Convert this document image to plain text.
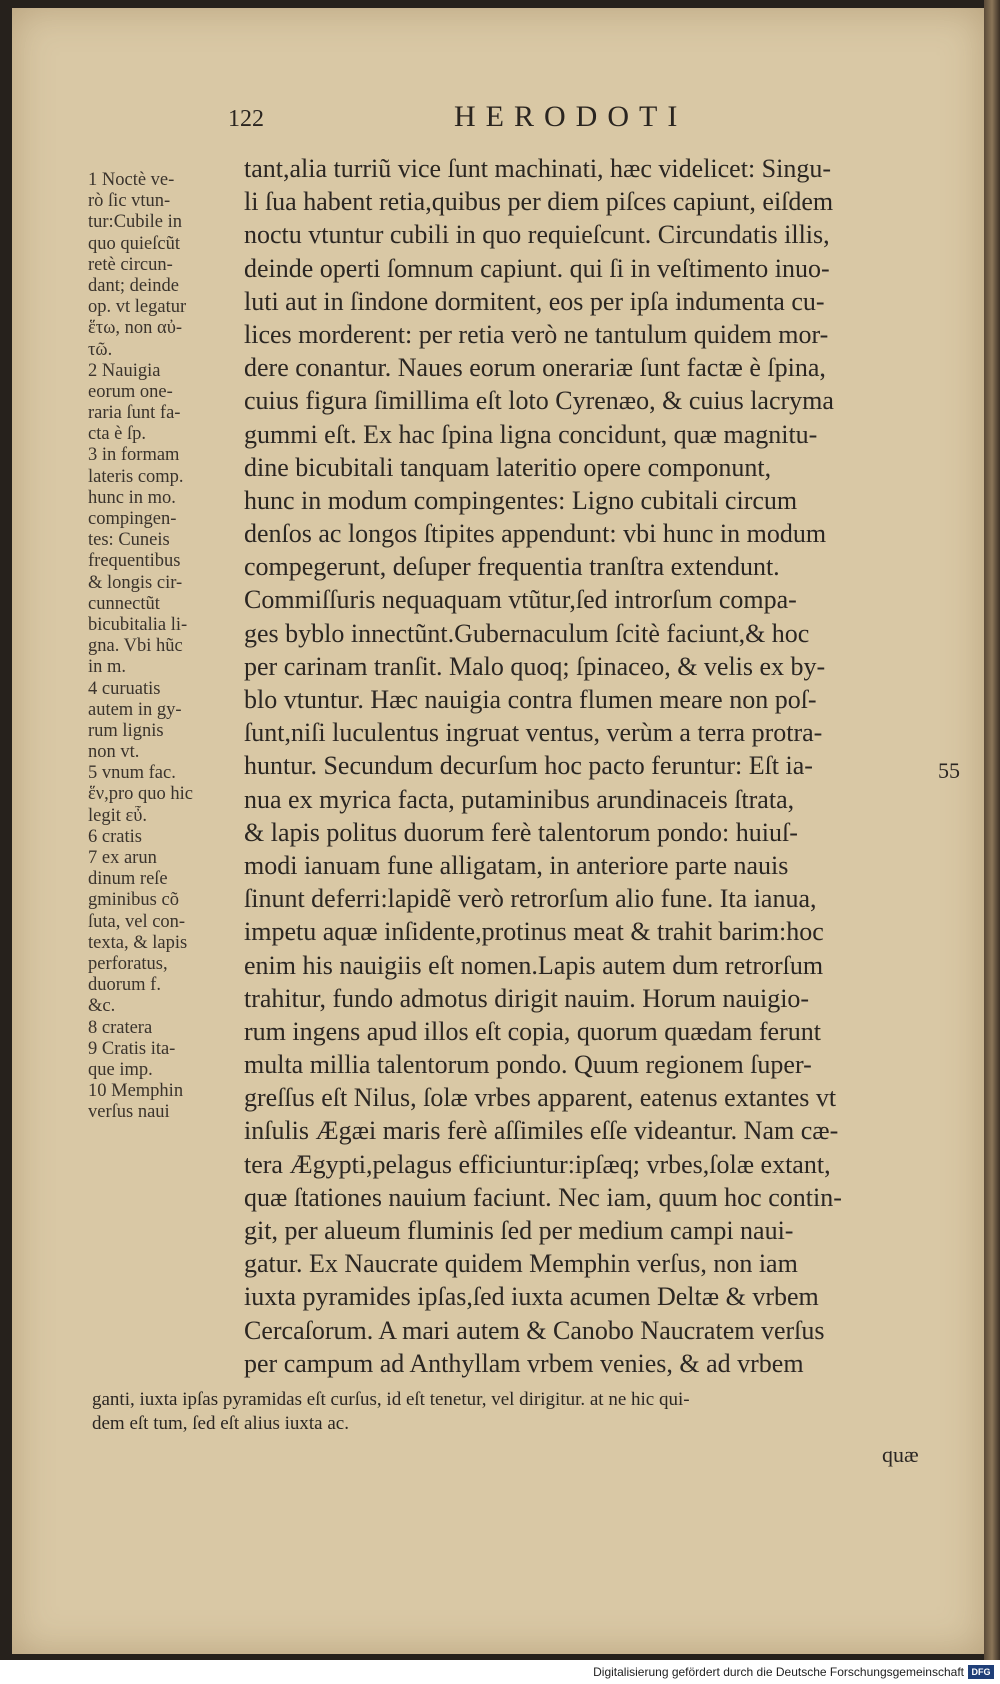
122	HERODOTI
1 Noctè ve-
rò ſic vtun-
tur:Cubile in
quo quieſcũt
retè circun-
dant; deinde
op. vt legatur
ἕτω, non αὐ-
τῶ.
2 Nauigia
eorum one-
raria ſunt fa-
cta è ſp.
3 in formam
lateris comp.
hunc in mo.
compingen-
tes: Cuneis
frequentibus
& longis cir-
cunnectũt
bicubitalia li-
gna. Vbi hũc
in m.
4 curuatis
autem in gy-
rum lignis
non vt.
5 vnum fac.
ἕν,pro quo hic
legit εὖ.
6 cratis
7 ex arun
dinum reſe
gminibus cõ
ſuta, vel con-
texta, & lapis
perforatus,
duorum f.
&c.
8 cratera
9 Cratis ita-
que imp.
10 Memphin
verſus naui
tant,alia turriũ vice ſunt machinati, hæc videlicet: Singu-
li ſua habent retia,quibus per diem piſces capiunt, eiſdem
noctu vtuntur cubili in quo requieſcunt. Circundatis illis,
deinde operti ſomnum capiunt. qui ſi in veſtimento inuo-
luti aut in ſindone dormitent, eos per ipſa indumenta cu-
lices morderent: per retia verò ne tantulum quidem mor-
dere conantur. Naues eorum onerariæ ſunt factæ è ſpina,
cuius figura ſimillima eſt loto Cyrenæo, & cuius lacryma
gummi eſt. Ex hac ſpina ligna concidunt, quæ magnitu-
dine bicubitali tanquam lateritio opere componunt,
hunc in modum compingentes: Ligno cubitali circum
denſos ac longos ſtipites appendunt: vbi hunc in modum
compegerunt, deſuper frequentia tranſtra extendunt.
Commiſſuris nequaquam vtũtur,ſed introrſum compa-
ges byblo innectũnt.Gubernaculum ſcitè faciunt,& hoc
per carinam tranſit. Malo quoq; ſpinaceo, & velis ex by-
blo vtuntur. Hæc nauigia contra flumen meare non poſ-
ſunt,niſi luculentus ingruat ventus, verùm a terra protra-
huntur. Secundum decurſum hoc pacto feruntur: Eſt ia-
nua ex myrica facta, putaminibus arundinaceis ſtrata,
& lapis politus duorum ferè talentorum pondo: huiuſ-
modi ianuam fune alligatam, in anteriore parte nauis
ſinunt deferri:lapidẽ verò retrorſum alio fune. Ita ianua,
impetu aquæ inſidente,protinus meat & trahit barim:hoc
enim his nauigiis eſt nomen.Lapis autem dum retrorſum
trahitur, fundo admotus dirigit nauim. Horum nauigio-
rum ingens apud illos eſt copia, quorum quædam ferunt
multa millia talentorum pondo. Quum regionem ſuper-
greſſus eſt Nilus, ſolæ vrbes apparent, eatenus extantes vt
inſulis Ægæi maris ferè aſſimiles eſſe videantur. Nam cæ-
tera Ægypti,pelagus efficiuntur:ipſæq; vrbes,ſolæ extant,
quæ ſtationes nauium faciunt. Nec iam, quum hoc contin-
git, per alueum fluminis ſed per medium campi naui-
gatur. Ex Naucrate quidem Memphin verſus, non iam
iuxta pyramides ipſas,ſed iuxta acumen Deltæ & vrbem
Cercaſorum. A mari autem & Canobo Naucratem verſus
per campum ad Anthyllam vrbem venies, & ad vrbem
55
ganti, iuxta ipſas pyramidas eſt curſus, id eſt tenetur, vel dirigitur. at ne hic qui-
dem eſt tum, ſed eſt alius iuxta ac.
quæ
Digitalisierung gefördert durch die Deutsche Forschungsgemeinschaft DFG
